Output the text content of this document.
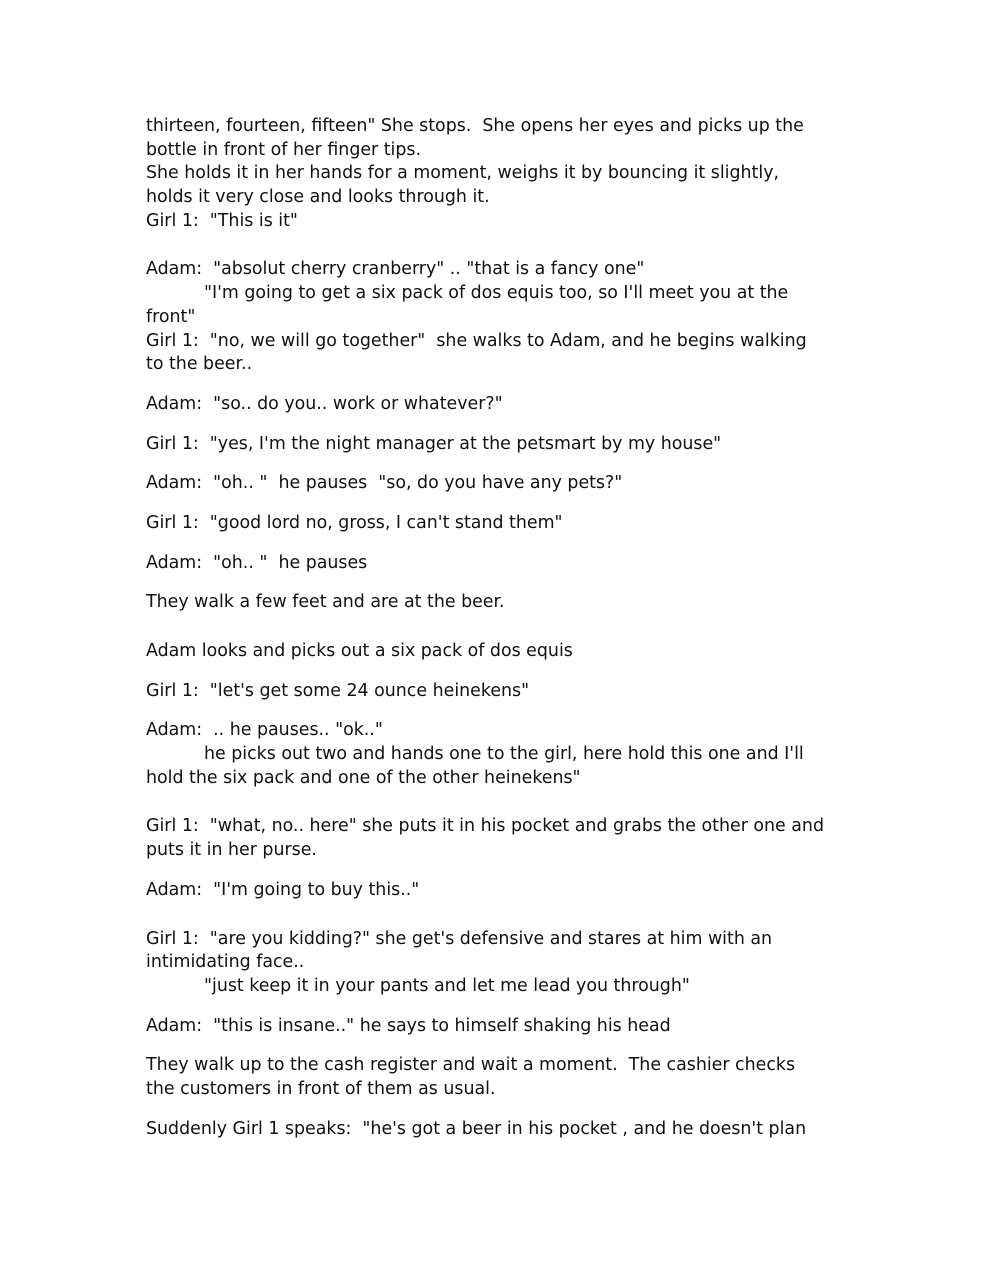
thirteen, fourteen, fifteen" She stops.  She opens her eyes and picks up the
bottle in front of her finger tips.
She holds it in her hands for a moment, weighs it by bouncing it slightly,
holds it very close and looks through it.
Girl 1:  "This is it"
Adam:  "absolut cherry cranberry" .. "that is a fancy one"
"I'm going to get a six pack of dos equis too, so I'll meet you at the
front"
Girl 1:  "no, we will go together"  she walks to Adam, and he begins walking
to the beer..
Adam:  "so.. do you.. work or whatever?"
Girl 1:  "yes, I'm the night manager at the petsmart by my house"
Adam:  "oh.. "  he pauses  "so, do you have any pets?"
Girl 1:  "good lord no, gross, I can't stand them"
Adam:  "oh.. "  he pauses
They walk a few feet and are at the beer.
Adam looks and picks out a six pack of dos equis
Girl 1:  "let's get some 24 ounce heinekens"
Adam:  .. he pauses.. "ok.."
he picks out two and hands one to the girl, here hold this one and I'll
hold the six pack and one of the other heinekens"
Girl 1:  "what, no.. here" she puts it in his pocket and grabs the other one and
puts it in her purse.
Adam:  "I'm going to buy this.."
Girl 1:  "are you kidding?" she get's defensive and stares at him with an
intimidating face..
"just keep it in your pants and let me lead you through"
Adam:  "this is insane.." he says to himself shaking his head
They walk up to the cash register and wait a moment.  The cashier checks
the customers in front of them as usual.
Suddenly Girl 1 speaks:  "he's got a beer in his pocket , and he doesn't plan
